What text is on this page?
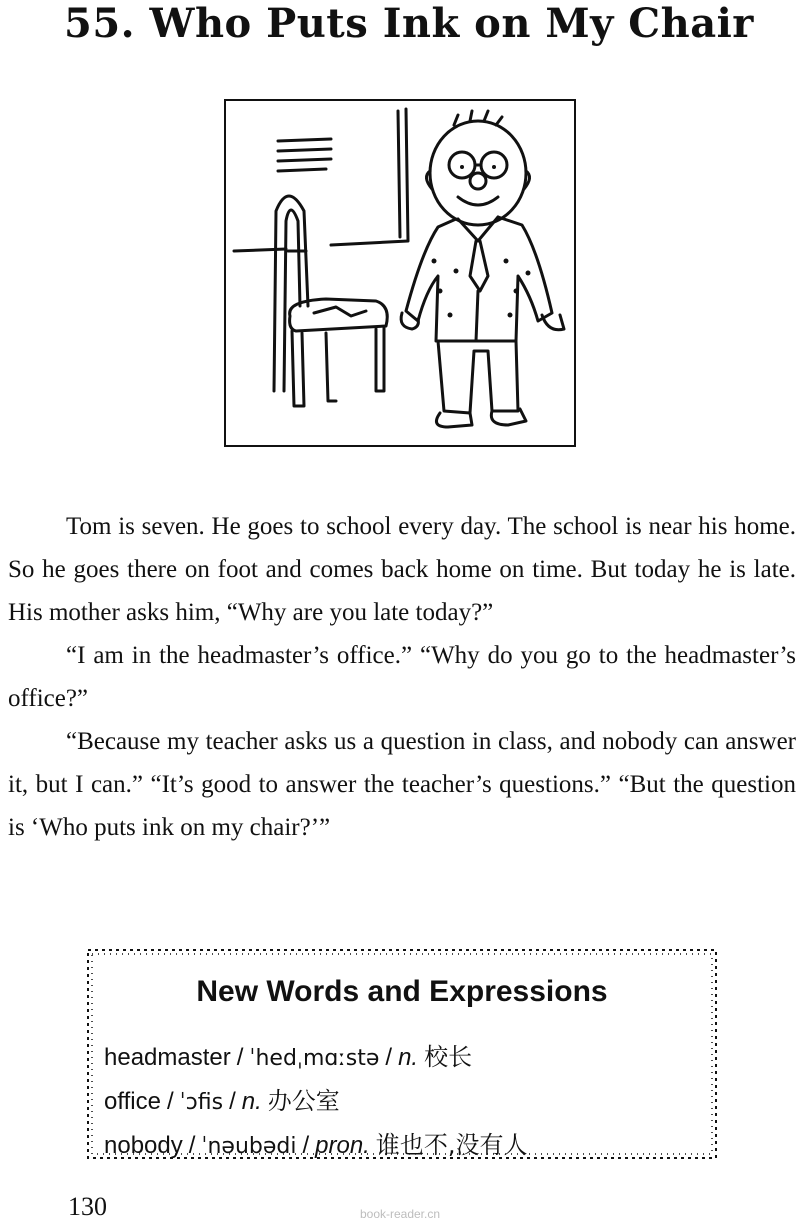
55. Who Puts Ink on My Chair

Tom is seven. He goes to school every day. The school is near his home. So he goes there on foot and comes back home on time. But today he is late. His mother asks him, “Why are you late today?”

“I am in the headmaster’s office.” “Why do you go to the headmaster’s office?”

“Because my teacher asks us a question in class, and nobody can answer it, but I can.” “It’s good to answer the teacher’s questions.” “But the question is ‘Who puts ink on my chair?’”

New Words and Expressions
headmaster / ˈhedˌmɑːstə / n. 校长
office / ˈɔfis / n. 办公室
nobody / ˈnəubədi / pron. 谁也不,没有人
130	book-reader.cn
